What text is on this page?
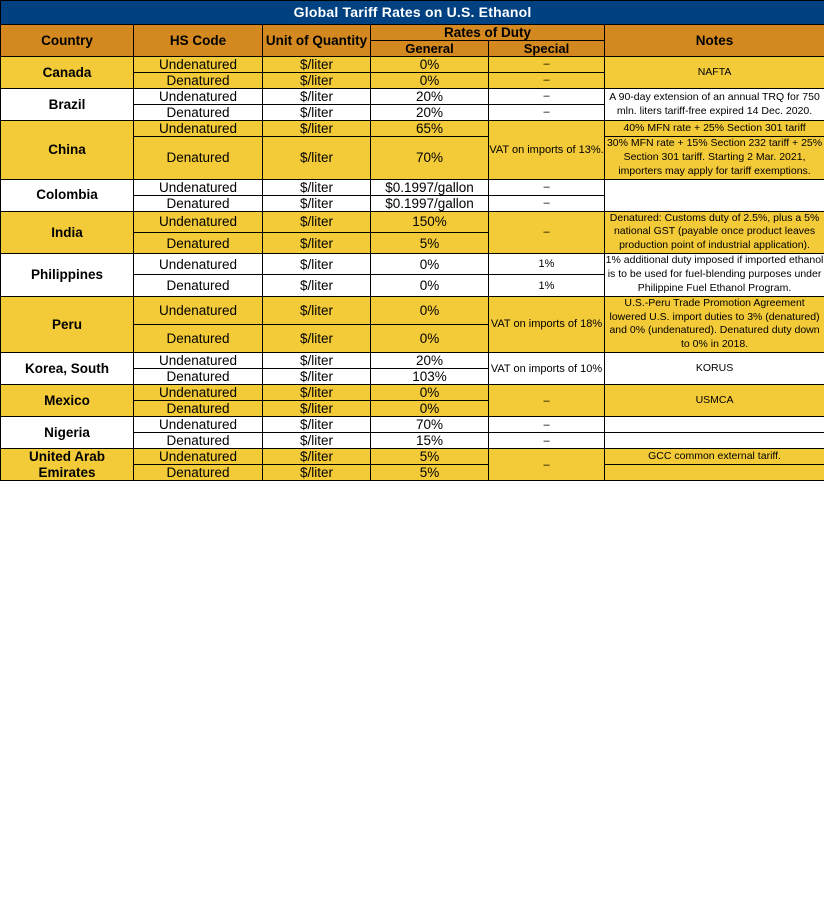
Global Tariff Rates on U.S. Ethanol					
Country	HS Code	Unit of Quantity	Rates of Duty		Notes
			General	Special	
Canada	Undenatured	$/liter	0%	–	NAFTA
	Denatured	$/liter	0%	–	
Brazil	Undenatured	$/liter	20%	–	A 90-day extension of an annual TRQ for 750 mln. liters tariff-free expired 14 Dec. 2020.
	Denatured	$/liter	20%	–	
China	Undenatured	$/liter	65%	VAT on imports of 13%.	40% MFN rate + 25% Section 301 tariff
	Denatured	$/liter	70%		30% MFN rate + 15% Section 232 tariff + 25% Section 301 tariff. Starting 2 Mar. 2021, importers may apply for tariff exemptions.
Colombia	Undenatured	$/liter	$0.1997/gallon	–	
	Denatured	$/liter	$0.1997/gallon	–	
India	Undenatured	$/liter	150%	–	Denatured: Customs duty of 2.5%, plus a 5% national GST (payable once product leaves production point of industrial application).
	Denatured	$/liter	5%		
Philippines	Undenatured	$/liter	0%	1%	1% additional duty imposed if imported ethanol is to be used for fuel-blending purposes under Philippine Fuel Ethanol Program.
	Denatured	$/liter	0%	1%	
Peru	Undenatured	$/liter	0%	VAT on imports of 18%	U.S.-Peru Trade Promotion Agreement lowered U.S. import duties to 3% (denatured) and 0% (undenatured). Denatured duty down to 0% in 2018.
	Denatured	$/liter	0%		
Korea, South	Undenatured	$/liter	20%	VAT on imports of 10%	KORUS
	Denatured	$/liter	103%		
Mexico	Undenatured	$/liter	0%	–	USMCA
	Denatured	$/liter	0%		
Nigeria	Undenatured	$/liter	70%	–	
	Denatured	$/liter	15%	–	
United Arab Emirates	Undenatured	$/liter	5%	–	GCC common external tariff.
	Denatured	$/liter	5%		
